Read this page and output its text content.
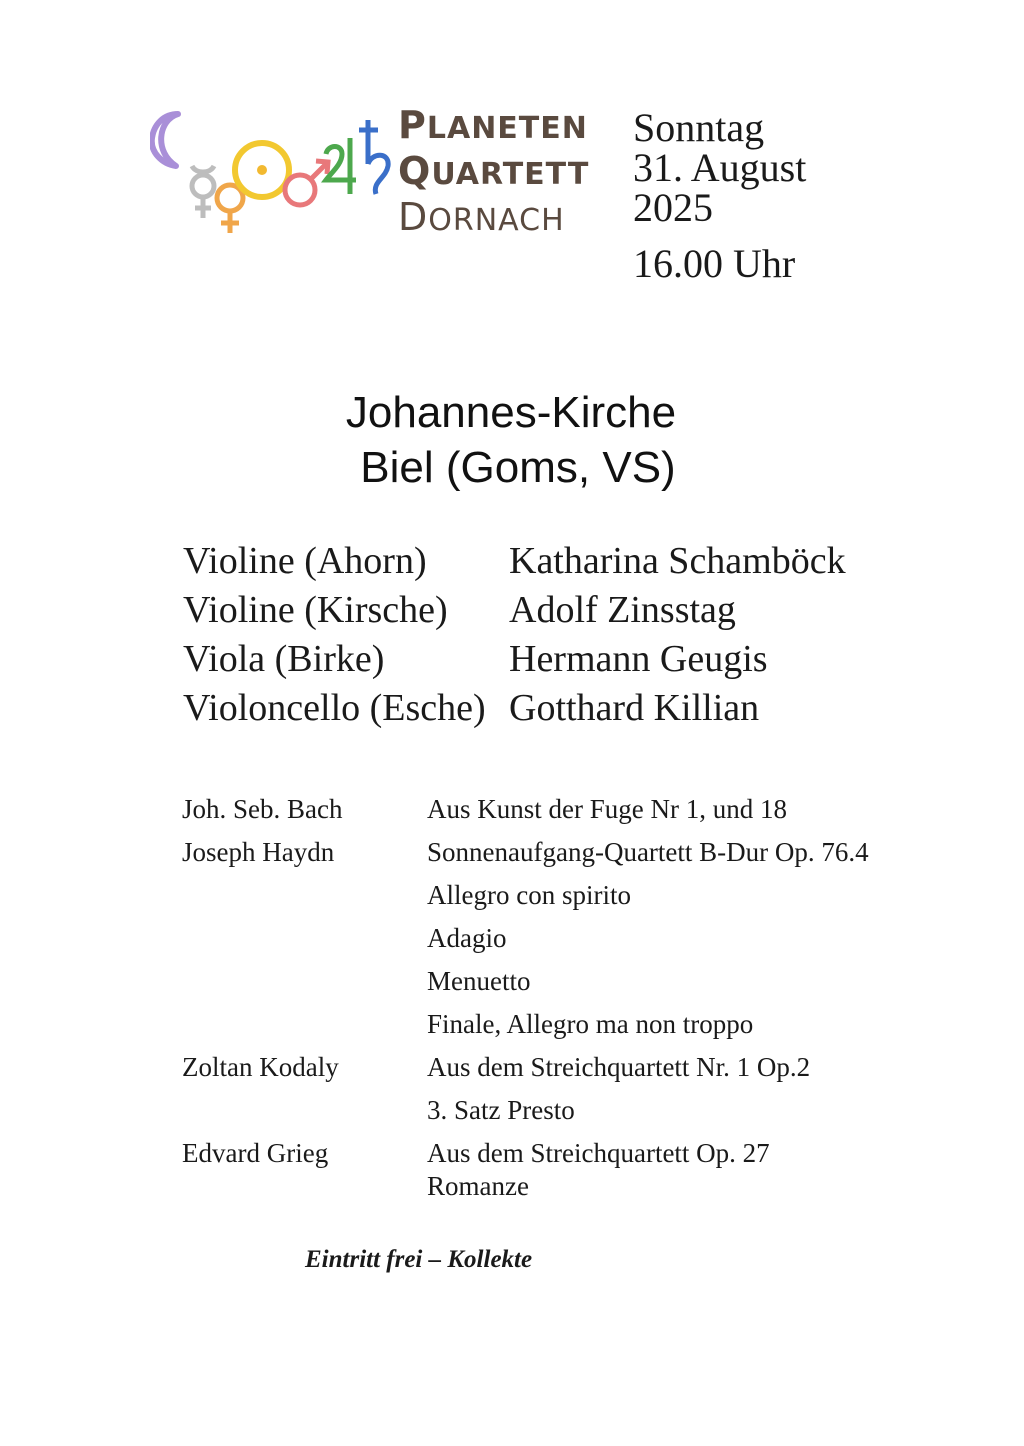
PLANETEN
QUARTETT
DORNACH
Sonntag
31. August
2025
16.00 Uhr
Johannes-Kirche
Biel (Goms, VS)
Violine (Ahorn)	Katharina Schamböck
Violine (Kirsche)	Adolf Zinsstag
Viola (Birke)	Hermann Geugis
Violoncello (Esche) Gotthard Killian
Joh. Seb. Bach	Aus Kunst der Fuge Nr 1, und 18
Joseph Haydn	Sonnenaufgang-Quartett B-Dur Op. 76.4
Allegro con spirito
Adagio
Menuetto
Finale, Allegro ma non troppo
Zoltan Kodaly	Aus dem Streichquartett Nr. 1 Op.2
3. Satz Presto
Edvard Grieg	Aus dem Streichquartett Op. 27
Romanze
Eintritt frei – Kollekte
